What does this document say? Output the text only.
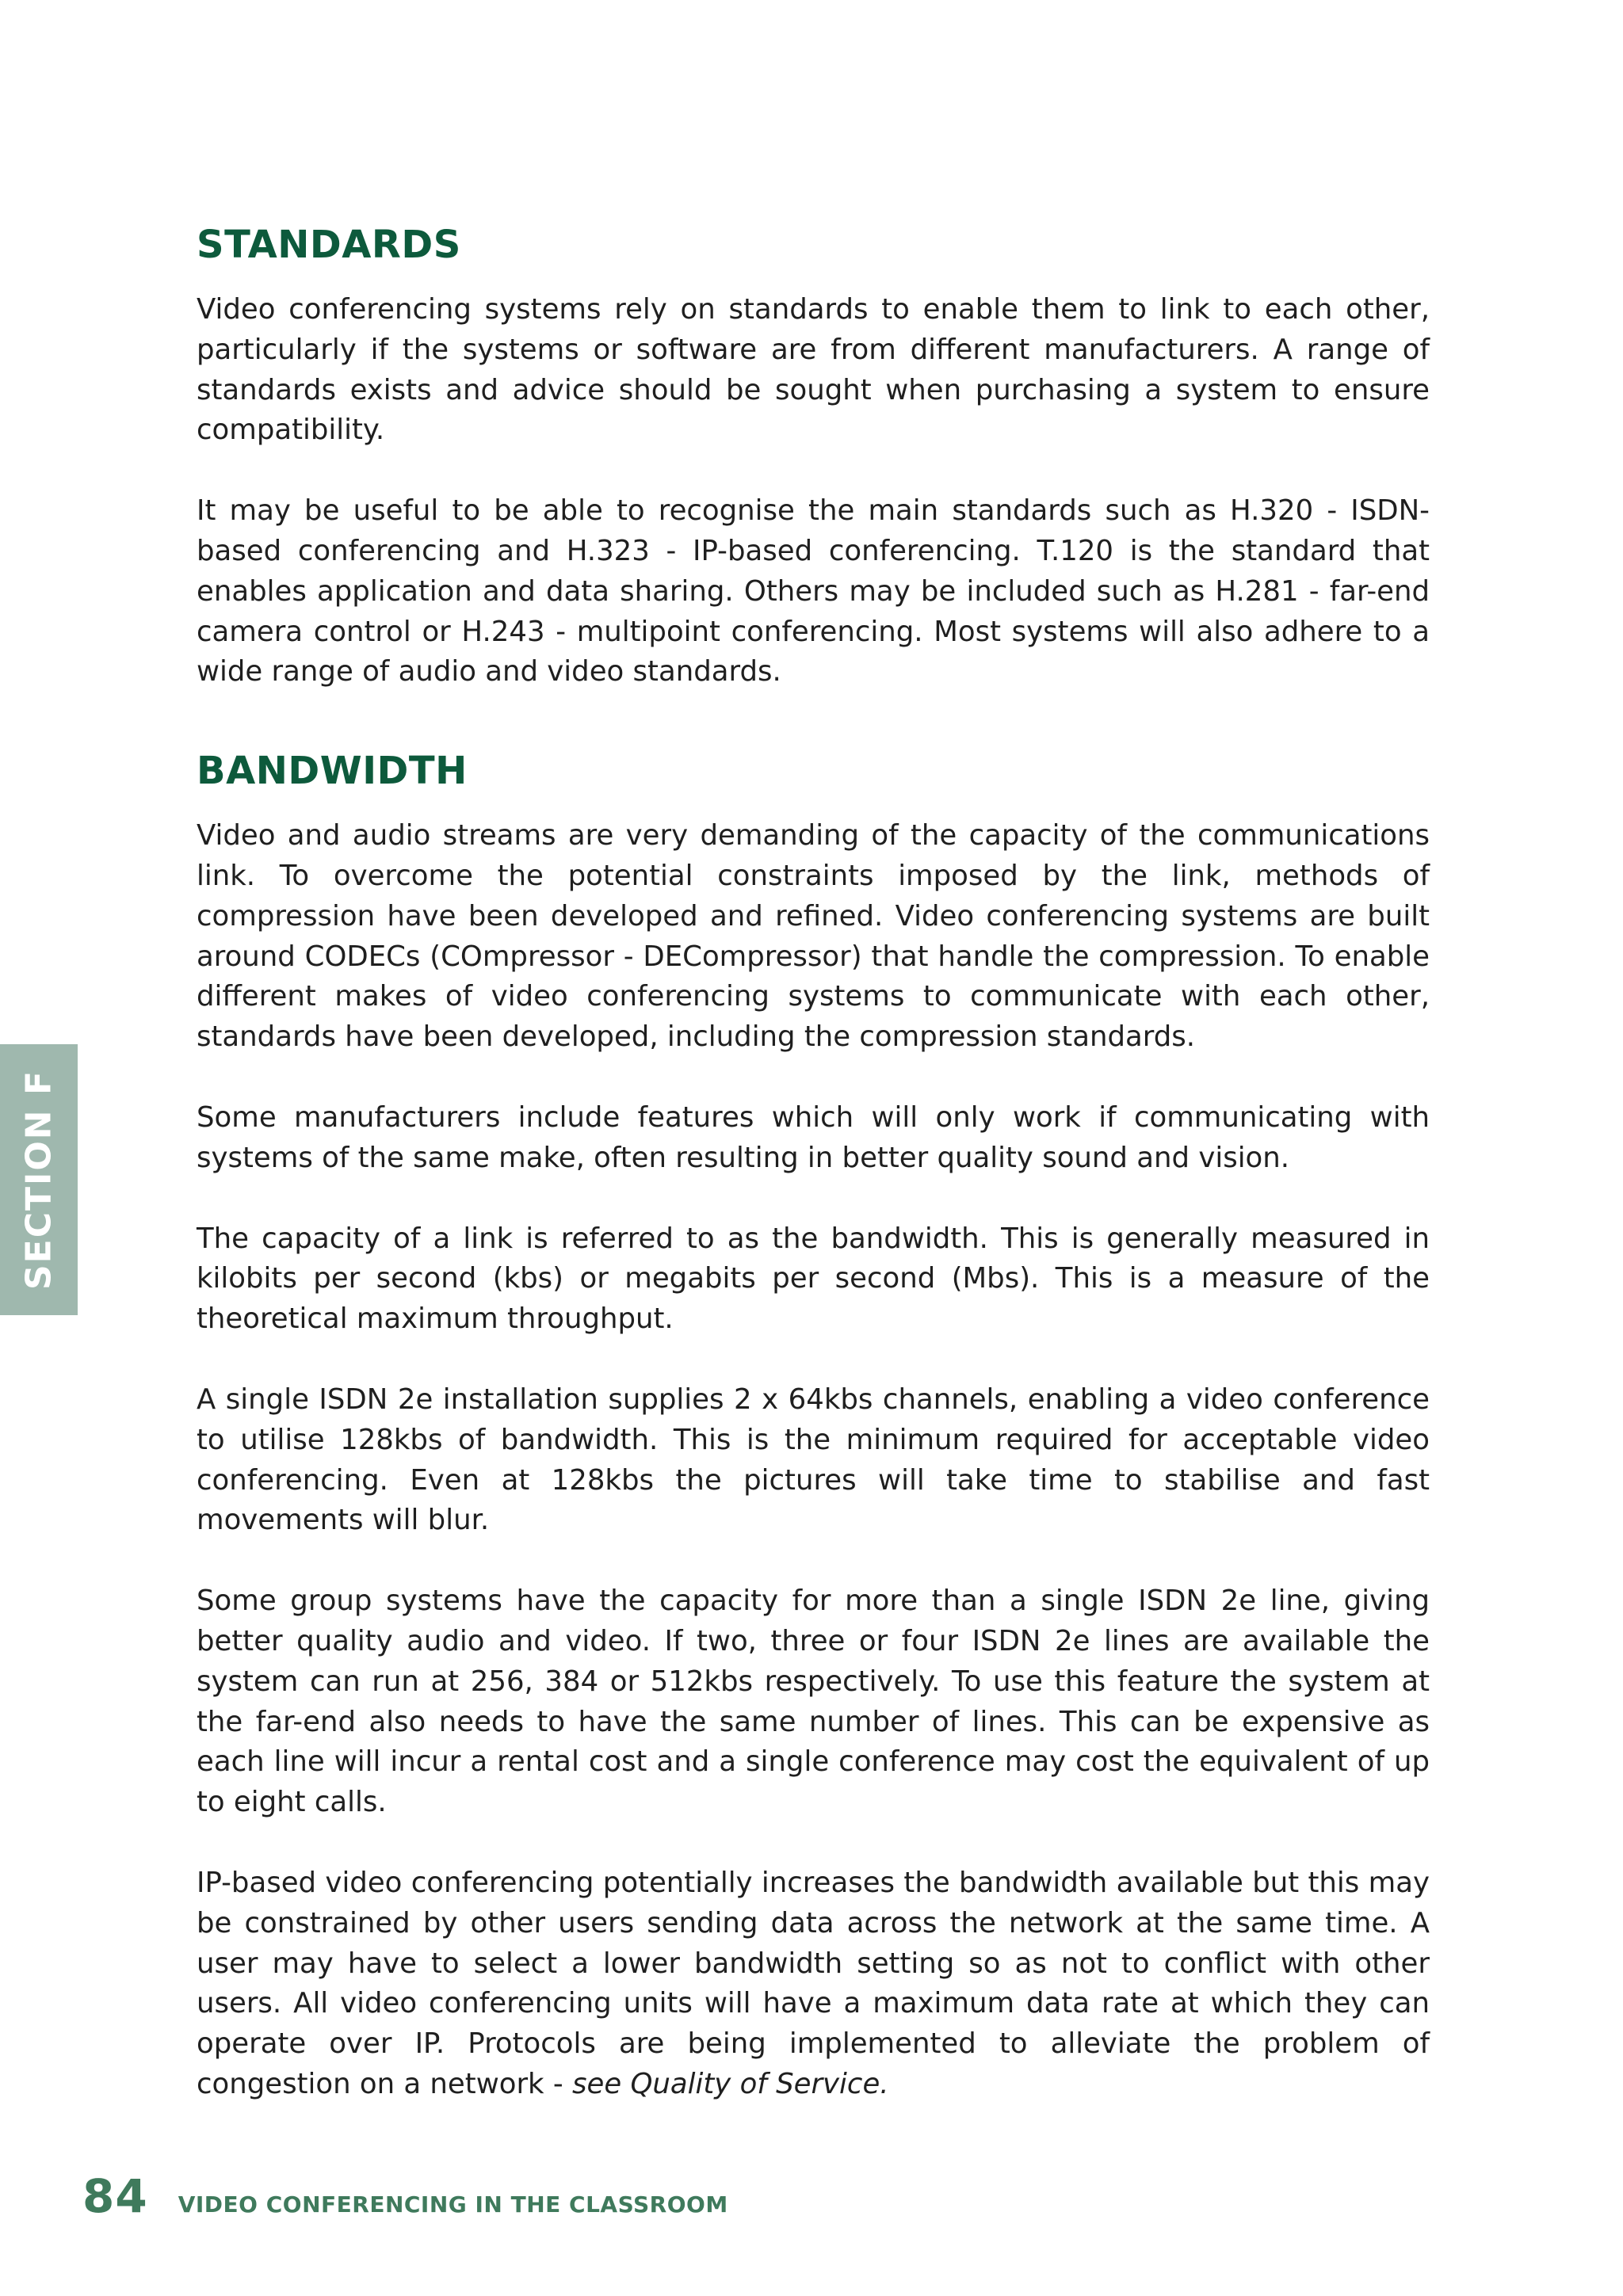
SECTION F
STANDARDS

Video conferencing systems rely on standards to enable them to link to each other, particularly if the systems or software are from different manufacturers. A range of standards exists and advice should be sought when purchasing a system to ensure compatibility.

It may be useful to be able to recognise the main standards such as H.320 - ISDN-based conferencing and H.323 - IP-based conferencing. T.120 is the standard that enables application and data sharing. Others may be included such as H.281 - far-end camera control or H.243 - multipoint conferencing. Most systems will also adhere to a wide range of audio and video standards.

BANDWIDTH

Video and audio streams are very demanding of the capacity of the communications link. To overcome the potential constraints imposed by the link, methods of compression have been developed and refined. Video conferencing systems are built around CODECs (COmpressor - DECompressor) that handle the compression. To enable different makes of video conferencing systems to communicate with each other, standards have been developed, including the compression standards.

Some manufacturers include features which will only work if communicating with systems of the same make, often resulting in better quality sound and vision.

The capacity of a link is referred to as the bandwidth. This is generally measured in kilobits per second (kbs) or megabits per second (Mbs). This is a measure of the theoretical maximum throughput.

A single ISDN 2e installation supplies 2 x 64kbs channels, enabling a video conference to utilise 128kbs of bandwidth. This is the minimum required for acceptable video conferencing. Even at 128kbs the pictures will take time to stabilise and fast movements will blur.

Some group systems have the capacity for more than a single ISDN 2e line, giving better quality audio and video. If two, three or four ISDN 2e lines are available the system can run at 256, 384 or 512kbs respectively. To use this feature the system at the far-end also needs to have the same number of lines. This can be expensive as each line will incur a rental cost and a single conference may cost the equivalent of up to eight calls.

IP-based video conferencing potentially increases the bandwidth available but this may be constrained by other users sending data across the network at the same time. A user may have to select a lower bandwidth setting so as not to conflict with other users. All video conferencing units will have a maximum data rate at which they can operate over IP. Protocols are being implemented to alleviate the problem of congestion on a network - see Quality of Service.

84 VIDEO CONFERENCING IN THE CLASSROOM
